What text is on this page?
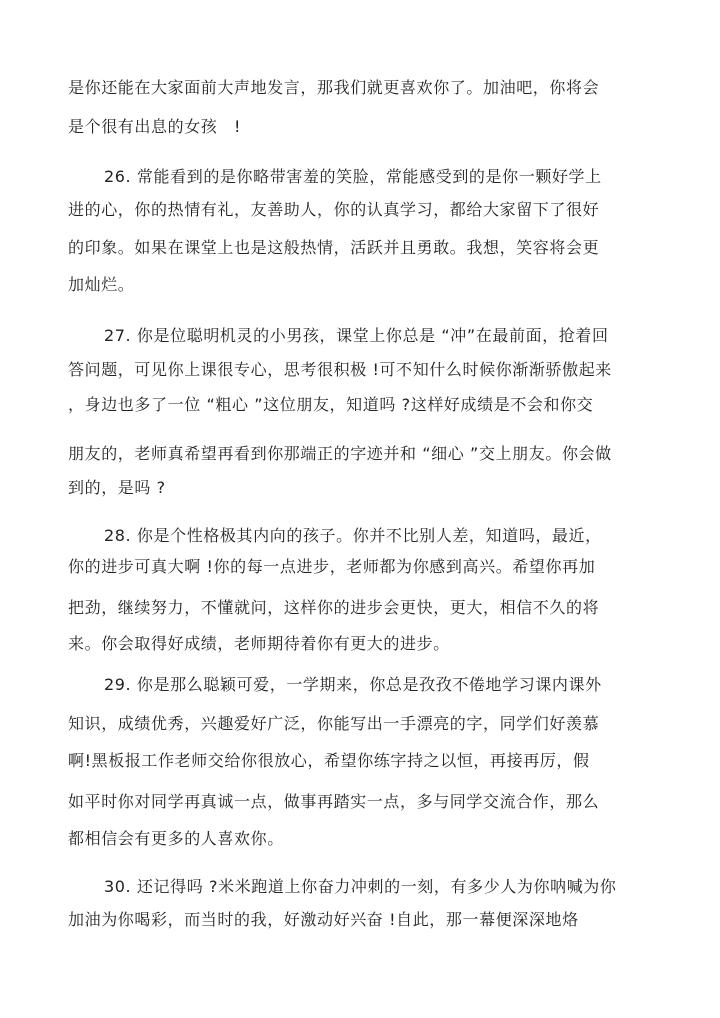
是你还能在大家面前大声地发言，那我们就更喜欢你了。加油吧，你将会
是个很有出息的女孩　!
26. 常能看到的是你略带害羞的笑脸，常能感受到的是你一颗好学上
进的心，你的热情有礼，友善助人，你的认真学习，都给大家留下了很好
的印象。如果在课堂上也是这般热情，活跃并且勇敢。我想，笑容将会更
加灿烂。
27. 你是位聪明机灵的小男孩，课堂上你总是 “冲”在最前面，抢着回
答问题，可见你上课很专心，思考很积极 !可不知什么时候你渐渐骄傲起来
，身边也多了一位 “粗心 ”这位朋友，知道吗 ?这样好成绩是不会和你交
朋友的，老师真希望再看到你那端正的字迹并和 “细心 ”交上朋友。你会做
到的，是吗 ?
28. 你是个性格极其内向的孩子。你并不比别人差，知道吗，最近，
你的进步可真大啊 !你的每一点进步，老师都为你感到高兴。希望你再加
把劲，继续努力，不懂就问，这样你的进步会更快，更大，相信不久的将
来。你会取得好成绩，老师期待着你有更大的进步。
29. 你是那么聪颖可爱，一学期来，你总是孜孜不倦地学习课内课外
知识，成绩优秀，兴趣爱好广泛，你能写出一手漂亮的字，同学们好羡慕
啊!黑板报工作老师交给你很放心，希望你练字持之以恒，再接再厉，假
如平时你对同学再真诚一点，做事再踏实一点，多与同学交流合作，那么
都相信会有更多的人喜欢你。
30. 还记得吗 ?米米跑道上你奋力冲刺的一刻，有多少人为你呐喊为你
加油为你喝彩，而当时的我，好激动好兴奋 !自此，那一幕便深深地烙
